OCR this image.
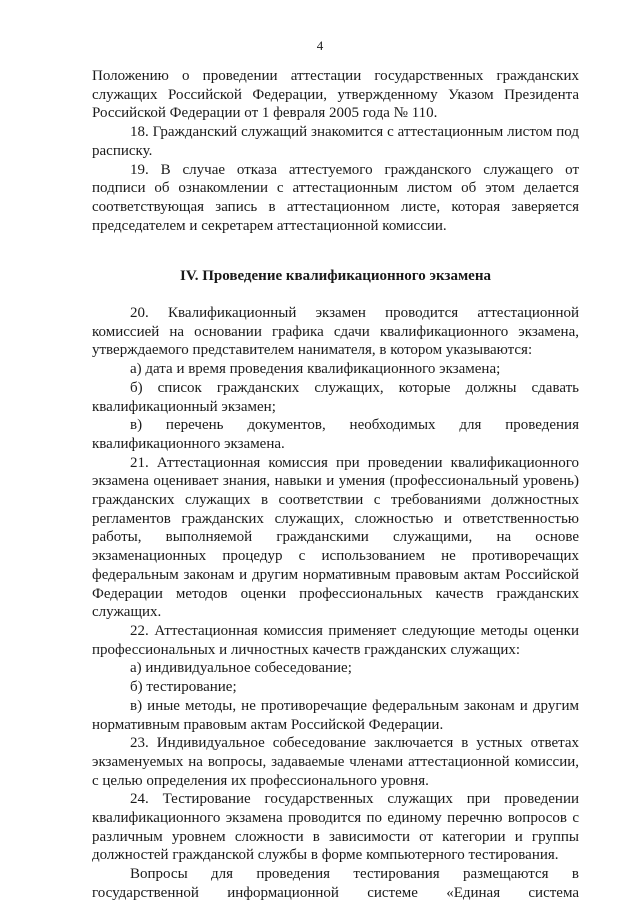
4

Положению о проведении аттестации государственных гражданских служащих Российской Федерации, утвержденному Указом Президента Российской Федерации от 1 февраля 2005 года № 110.

18. Гражданский служащий знакомится с аттестационным листом под расписку.

19. В случае отказа аттестуемого гражданского служащего от подписи об ознакомлении с аттестационным листом об этом делается соответствующая запись в аттестационном листе, которая заверяется председателем и секретарем аттестационной комиссии.

IV. Проведение квалификационного экзамена

20. Квалификационный экзамен проводится аттестационной комиссией на основании графика сдачи квалификационного экзамена, утверждаемого представителем нанимателя, в котором указываются:

а) дата и время проведения квалификационного экзамена;

б) список гражданских служащих, которые должны сдавать квалификационный экзамен;

в) перечень документов, необходимых для проведения квалификационного экзамена.

21. Аттестационная комиссия при проведении квалификационного экзамена оценивает знания, навыки и умения (профессиональный уровень) гражданских служащих в соответствии с требованиями должностных регламентов гражданских служащих, сложностью и ответственностью работы, выполняемой гражданскими служащими, на основе экзаменационных процедур с использованием не противоречащих федеральным законам и другим нормативным правовым актам Российской Федерации методов оценки профессиональных качеств гражданских служащих.

22. Аттестационная комиссия применяет следующие методы оценки профессиональных и личностных качеств гражданских служащих:

а) индивидуальное собеседование;

б) тестирование;

в) иные методы, не противоречащие федеральным законам и другим нормативным правовым актам Российской Федерации.

23. Индивидуальное собеседование заключается в устных ответах экзаменуемых на вопросы, задаваемые членами аттестационной комиссии, с целью определения их профессионального уровня.

24. Тестирование государственных служащих при проведении квалификационного экзамена проводится по единому перечню вопросов с различным уровнем сложности в зависимости от категории и группы должностей гражданской службы в форме компьютерного тестирования.

Вопросы для проведения тестирования размещаются в государственной информационной системе «Единая система
